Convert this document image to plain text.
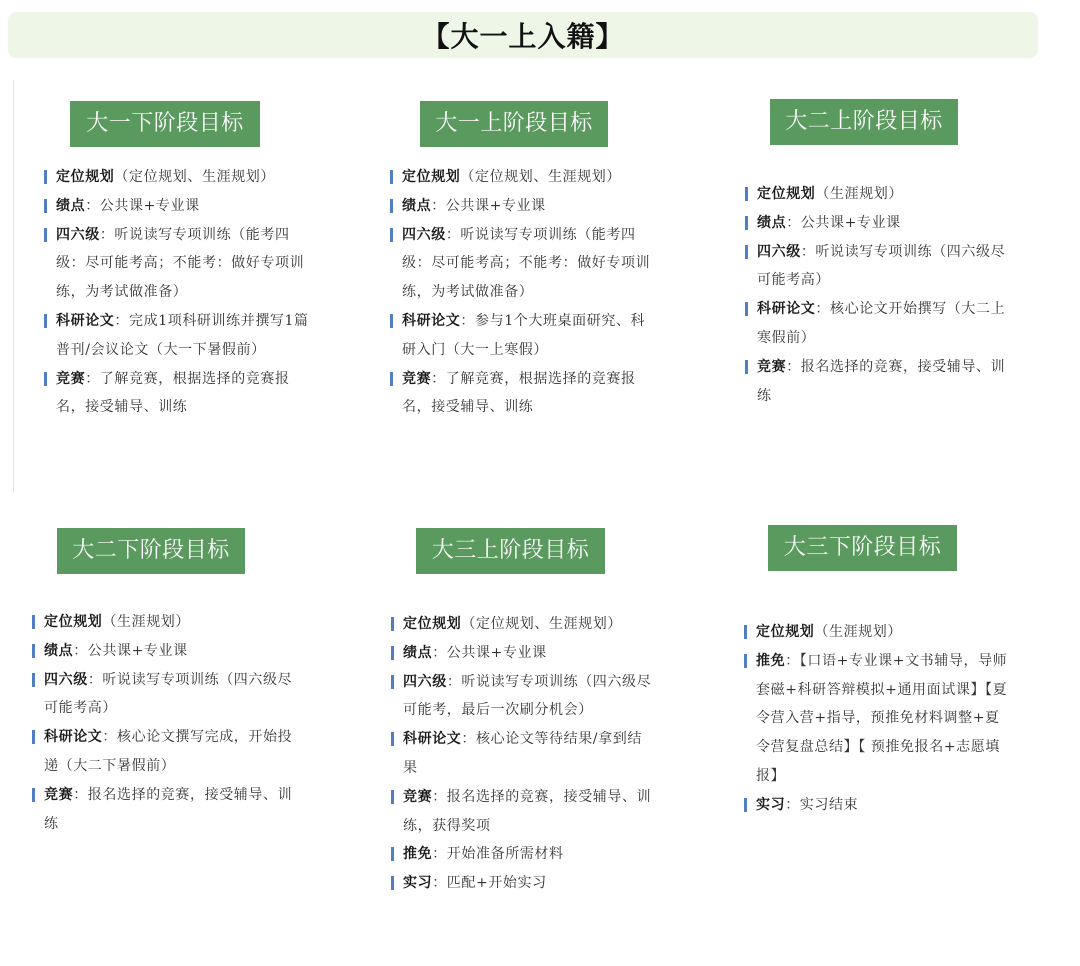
【大一上入籍】
大一下阶段目标
定位规划（定位规划、生涯规划）
绩点：公共课+专业课
四六级：听说读写专项训练（能考四级：尽可能考高；不能考：做好专项训练，为考试做准备）
科研论文：完成1项科研训练并撰写1篇普刊/会议论文（大一下暑假前）
竞赛：了解竞赛，根据选择的竞赛报名，接受辅导、训练
大一上阶段目标
定位规划（定位规划、生涯规划）
绩点：公共课+专业课
四六级：听说读写专项训练（能考四级：尽可能考高；不能考：做好专项训练，为考试做准备）
科研论文：参与1个大班桌面研究、科研入门（大一上寒假）
竞赛：了解竞赛，根据选择的竞赛报名，接受辅导、训练
大二上阶段目标
定位规划（生涯规划）
绩点：公共课+专业课
四六级：听说读写专项训练（四六级尽可能考高）
科研论文：核心论文开始撰写（大二上寒假前）
竞赛：报名选择的竞赛，接受辅导、训练
大二下阶段目标
定位规划（生涯规划）
绩点：公共课+专业课
四六级：听说读写专项训练（四六级尽可能考高）
科研论文：核心论文撰写完成，开始投递（大二下暑假前）
竞赛：报名选择的竞赛，接受辅导、训练
大三上阶段目标
定位规划（定位规划、生涯规划）
绩点：公共课+专业课
四六级：听说读写专项训练（四六级尽可能考，最后一次刷分机会）
科研论文：核心论文等待结果/拿到结果
竞赛：报名选择的竞赛，接受辅导、训练，获得奖项
推免：开始准备所需材料
实习：匹配+开始实习
大三下阶段目标
定位规划（生涯规划）
推免：【口语+专业课+文书辅导，导师套磁+科研答辩模拟+通用面试课】【夏令营入营+指导，预推免材料调整+夏令营复盘总结】【 预推免报名+志愿填报】
实习：实习结束
